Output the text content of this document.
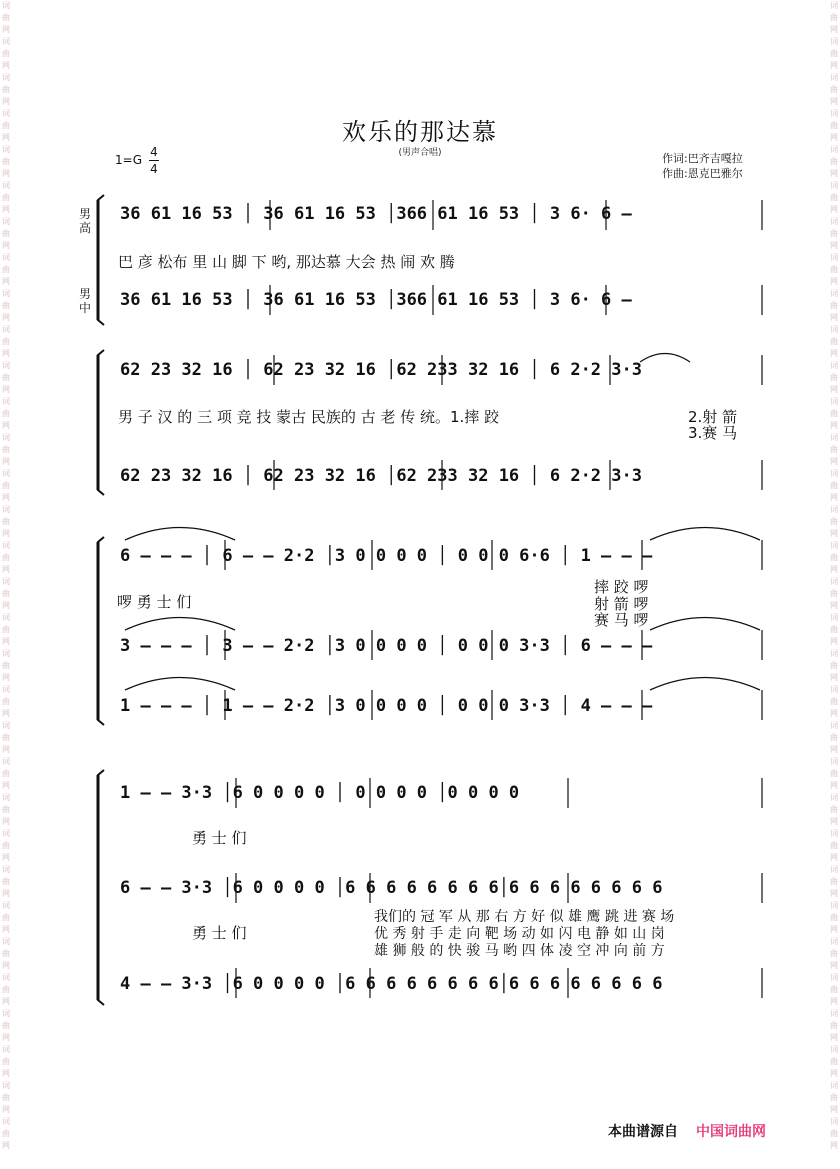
词
曲
网
词
曲
网
词
曲
网
词
曲
网
词
曲
网
词
曲
网
词
曲
网
词
曲
网
词
曲
网
词
曲
网
词
曲
网
词
曲
网
词
曲
网
词
曲
网
词
曲
网
词
曲
网
词
曲
网
词
曲
网
词
曲
网
词
曲
网
词
曲
网
词
曲
网
词
曲
网
词
曲
网
词
曲
网
词
曲
网
词
曲
网
词
曲
网
词
曲
网
词
曲
网
词
曲
网
词
曲
网
词
曲
网
词
曲
网
词
曲
网
词
曲
网
词
曲
网
词
曲
网
词
曲
网
词
曲
网
词
曲
网
词
曲
网
词
曲
网
词
曲
网
词
曲
网
词
曲
网
词
曲
网
词
曲
网
词
曲
网
词
曲
网
词
曲
网
词
曲
网
词
曲
网
词
曲
网
词
曲
网
词
曲
网
词
曲
网
词
曲
网
词
曲
网
词
曲
网
词
曲
网
词
曲
网
词
曲
网
词
曲
网
欢乐的那达慕
(男声合唱)
1=G
4
4
作词:巴齐吉嘎拉
作曲:恩克巴雅尔
男高
男中
36 61 16 53 │ 36 61 16 53 │366 61 16 53 │ 3 6· 6 –
巴 彦 松布 里 山 脚 下 哟, 那达慕 大会 热 闹 欢 腾
36 61 16 53 │ 36 61 16 53 │366 61 16 53 │ 3 6· 6 –
62 23 32 16 │ 62 23 32 16 │62 233 32 16 │ 6 2·2 3·3
男 子 汉 的 三 项 竞 技 蒙古 民族的 古 老 传 统。1.摔 跤	2.射 箭
3.赛 马
62 23 32 16 │ 62 23 32 16 │62 233 32 16 │ 6 2·2 3·3
6 – – – │ 6 – – 2·2 │3 0 0 0 0 │ 0 0 0 6·6 │ 1 – – –
啰 勇 士 们
摔 跤 啰
射 箭 啰
赛 马 啰
3 – – – │ 3 – – 2·2 │3 0 0 0 0 │ 0 0 0 3·3 │ 6 – – –
1 – – – │ 1 – – 2·2 │3 0 0 0 0 │ 0 0 0 3·3 │ 4 – – –
1 – – 3·3 │6 0 0 0 0 │ 0 0 0 0 │0 0 0 0
勇 士 们
6 – – 3·3 │6 0 0 0 0 │6 6 6 6 6 6 6 6│6 6 6 6 6 6 6 6
勇 士 们
我们的 冠 军 从 那 右 方 好 似 雄 鹰 跳 进 赛 场
优 秀 射 手 走 向 靶 场 动 如 闪 电 静 如 山 岗
雄 狮 般 的 快 骏 马 哟 四 体 凌 空 冲 向 前 方
4 – – 3·3 │6 0 0 0 0 │6 6 6 6 6 6 6 6│6 6 6 6 6 6 6 6
本曲谱源自 中国词曲网
